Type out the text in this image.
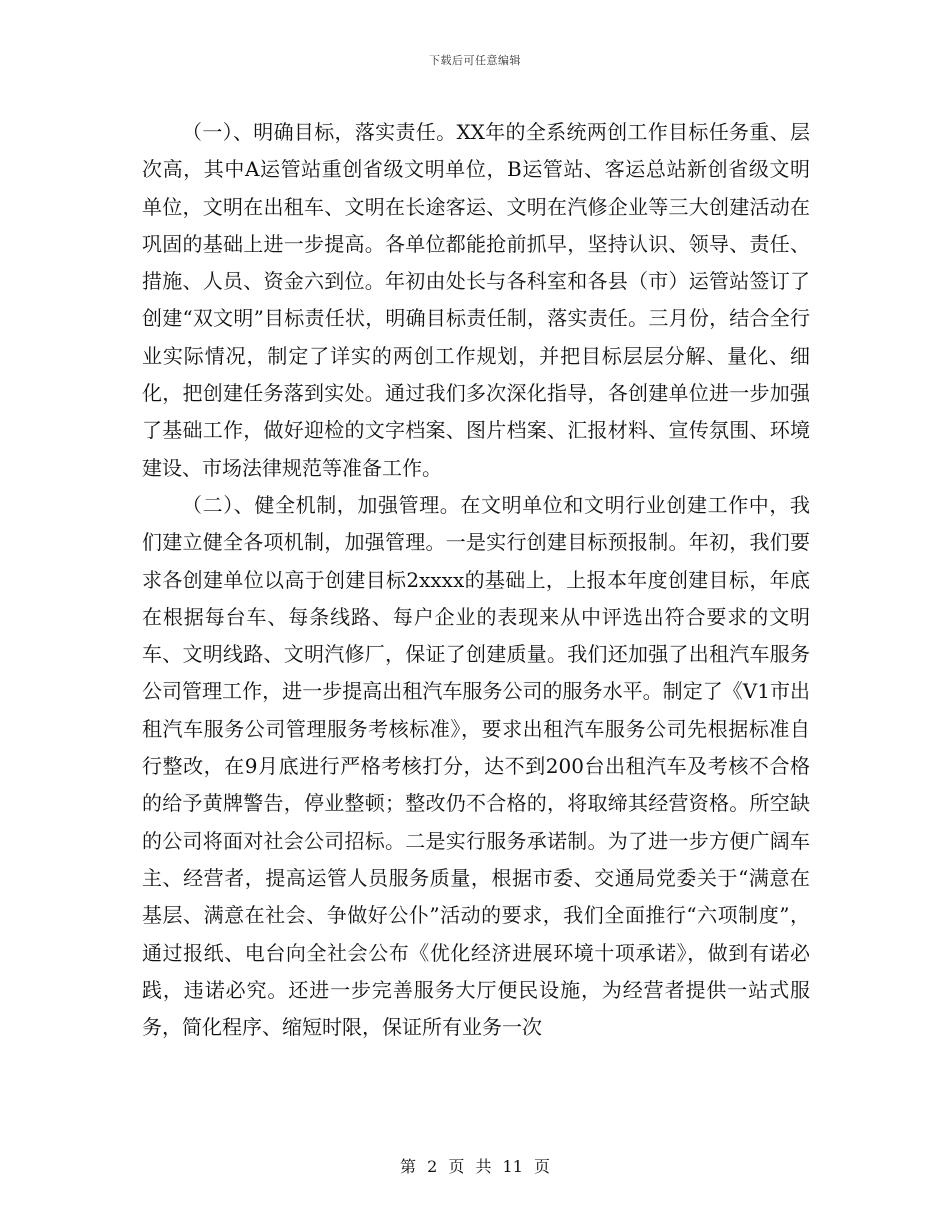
下载后可任意编辑

（一）、明确目标，落实责任。XX年的全系统两创工作目标任务重、层次高，其中A运管站重创省级文明单位，B运管站、客运总站新创省级文明单位，文明在出租车、文明在长途客运、文明在汽修企业等三大创建活动在巩固的基础上进一步提高。各单位都能抢前抓早，坚持认识、领导、责任、措施、人员、资金六到位。年初由处长与各科室和各县（市）运管站签订了创建“双文明”目标责任状，明确目标责任制，落实责任。三月份，结合全行业实际情况，制定了详实的两创工作规划，并把目标层层分解、量化、细化，把创建任务落到实处。通过我们多次深化指导，各创建单位进一步加强了基础工作，做好迎检的文字档案、图片档案、汇报材料、宣传氛围、环境建设、市场法律规范等准备工作。

（二）、健全机制，加强管理。在文明单位和文明行业创建工作中，我们建立健全各项机制，加强管理。一是实行创建目标预报制。年初，我们要求各创建单位以高于创建目标2xxxx的基础上，上报本年度创建目标，年底在根据每台车、每条线路、每户企业的表现来从中评选出符合要求的文明车、文明线路、文明汽修厂，保证了创建质量。我们还加强了出租汽车服务公司管理工作，进一步提高出租汽车服务公司的服务水平。制定了《V1市出租汽车服务公司管理服务考核标准》，要求出租汽车服务公司先根据标准自行整改，在9月底进行严格考核打分，达不到200台出租汽车及考核不合格的给予黄牌警告，停业整顿；整改仍不合格的，将取缔其经营资格。所空缺的公司将面对社会公司招标。二是实行服务承诺制。为了进一步方便广阔车主、经营者，提高运管人员服务质量，根据市委、交通局党委关于“满意在基层、满意在社会、争做好公仆”活动的要求，我们全面推行“六项制度”，通过报纸、电台向全社会公布《优化经济进展环境十项承诺》，做到有诺必践，违诺必究。还进一步完善服务大厅便民设施，为经营者提供一站式服务，简化程序、缩短时限，保证所有业务一次

第 2 页 共 11 页
